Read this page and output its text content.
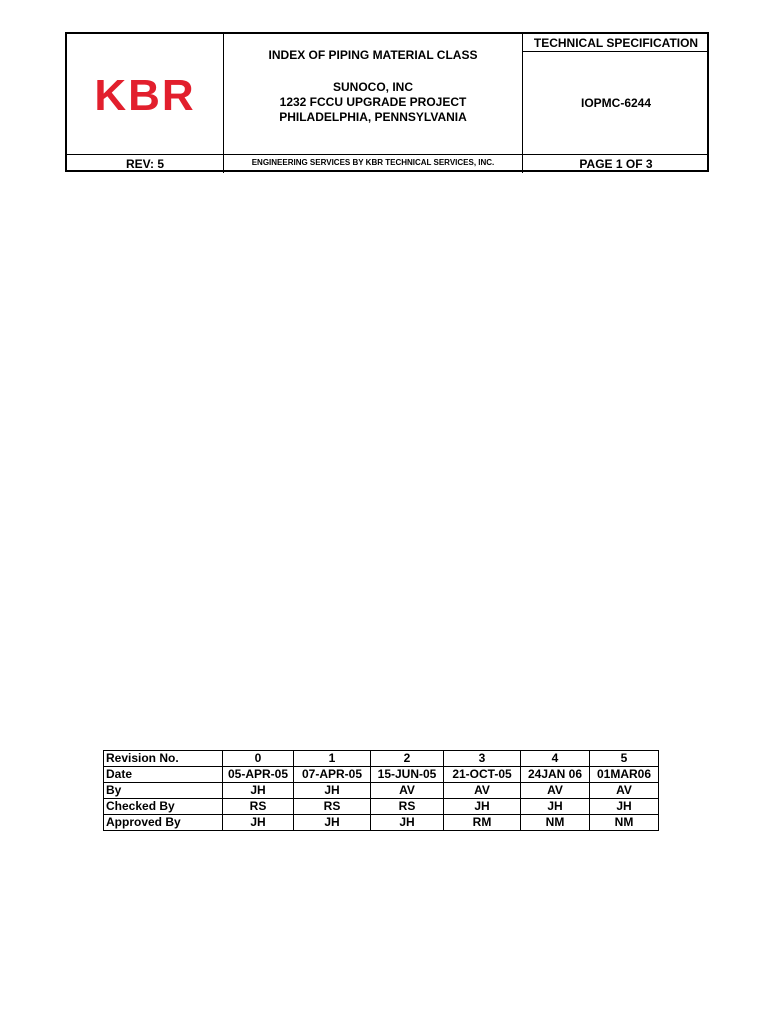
KBR
INDEX OF PIPING MATERIAL CLASS
SUNOCO, INC
1232 FCCU UPGRADE PROJECT
PHILADELPHIA, PENNSYLVANIA
TECHNICAL SPECIFICATION
IOPMC-6244
REV: 5	ENGINEERING SERVICES BY KBR TECHNICAL SERVICES, INC.	PAGE 1 OF 3
Revision No.	0	1	2	3	4	5
Date	05-APR-05	07-APR-05	15-JUN-05	21-OCT-05	24JAN 06	01MAR06
By	JH	JH	AV	AV	AV	AV
Checked By	RS	RS	RS	JH	JH	JH
Approved By	JH	JH	JH	RM	NM	NM
